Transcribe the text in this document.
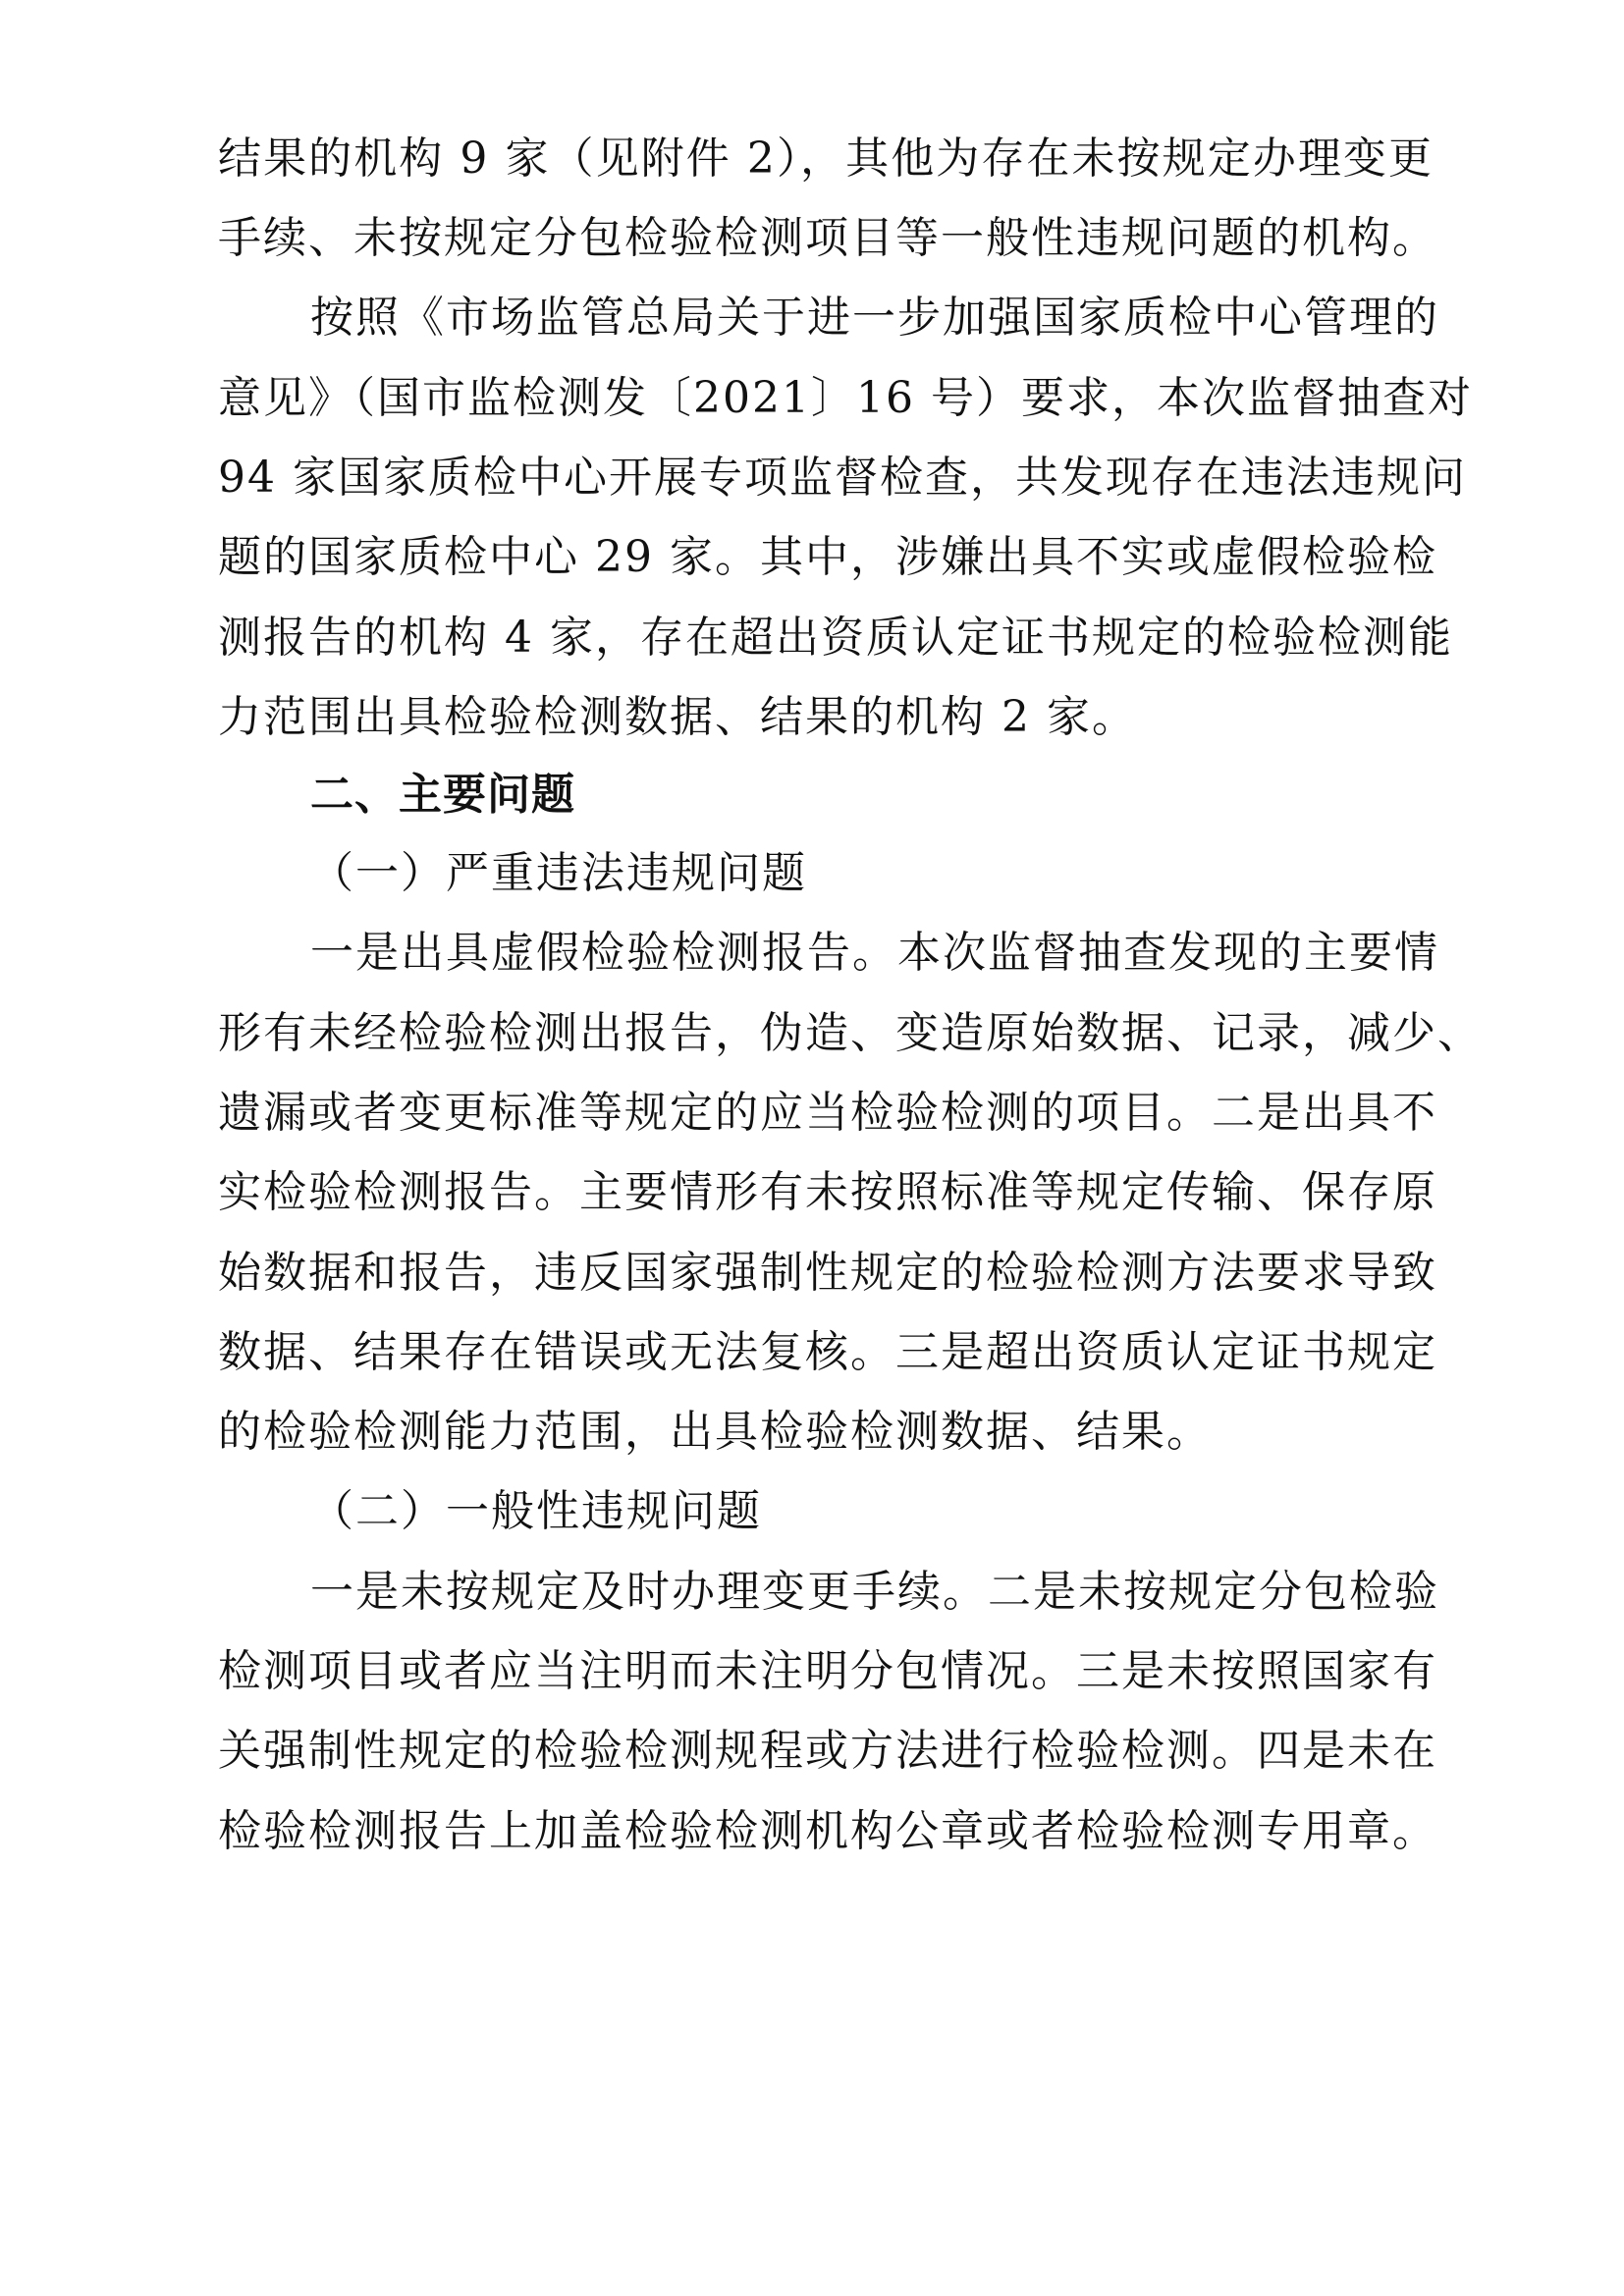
结果的机构 9 家（见附件 2），其他为存在未按规定办理变更
手续、未按规定分包检验检测项目等一般性违规问题的机构。
按照《市场监管总局关于进一步加强国家质检中心管理的
意见》（国市监检测发〔2021〕16 号）要求，本次监督抽查对
94 家国家质检中心开展专项监督检查，共发现存在违法违规问
题的国家质检中心 29 家。其中，涉嫌出具不实或虚假检验检
测报告的机构 4 家，存在超出资质认定证书规定的检验检测能
力范围出具检验检测数据、结果的机构 2 家。
二、主要问题
（一）严重违法违规问题
一是出具虚假检验检测报告。本次监督抽查发现的主要情
形有未经检验检测出报告，伪造、变造原始数据、记录，减少、
遗漏或者变更标准等规定的应当检验检测的项目。二是出具不
实检验检测报告。主要情形有未按照标准等规定传输、保存原
始数据和报告，违反国家强制性规定的检验检测方法要求导致
数据、结果存在错误或无法复核。三是超出资质认定证书规定
的检验检测能力范围，出具检验检测数据、结果。
（二）一般性违规问题
一是未按规定及时办理变更手续。二是未按规定分包检验
检测项目或者应当注明而未注明分包情况。三是未按照国家有
关强制性规定的检验检测规程或方法进行检验检测。四是未在
检验检测报告上加盖检验检测机构公章或者检验检测专用章。
